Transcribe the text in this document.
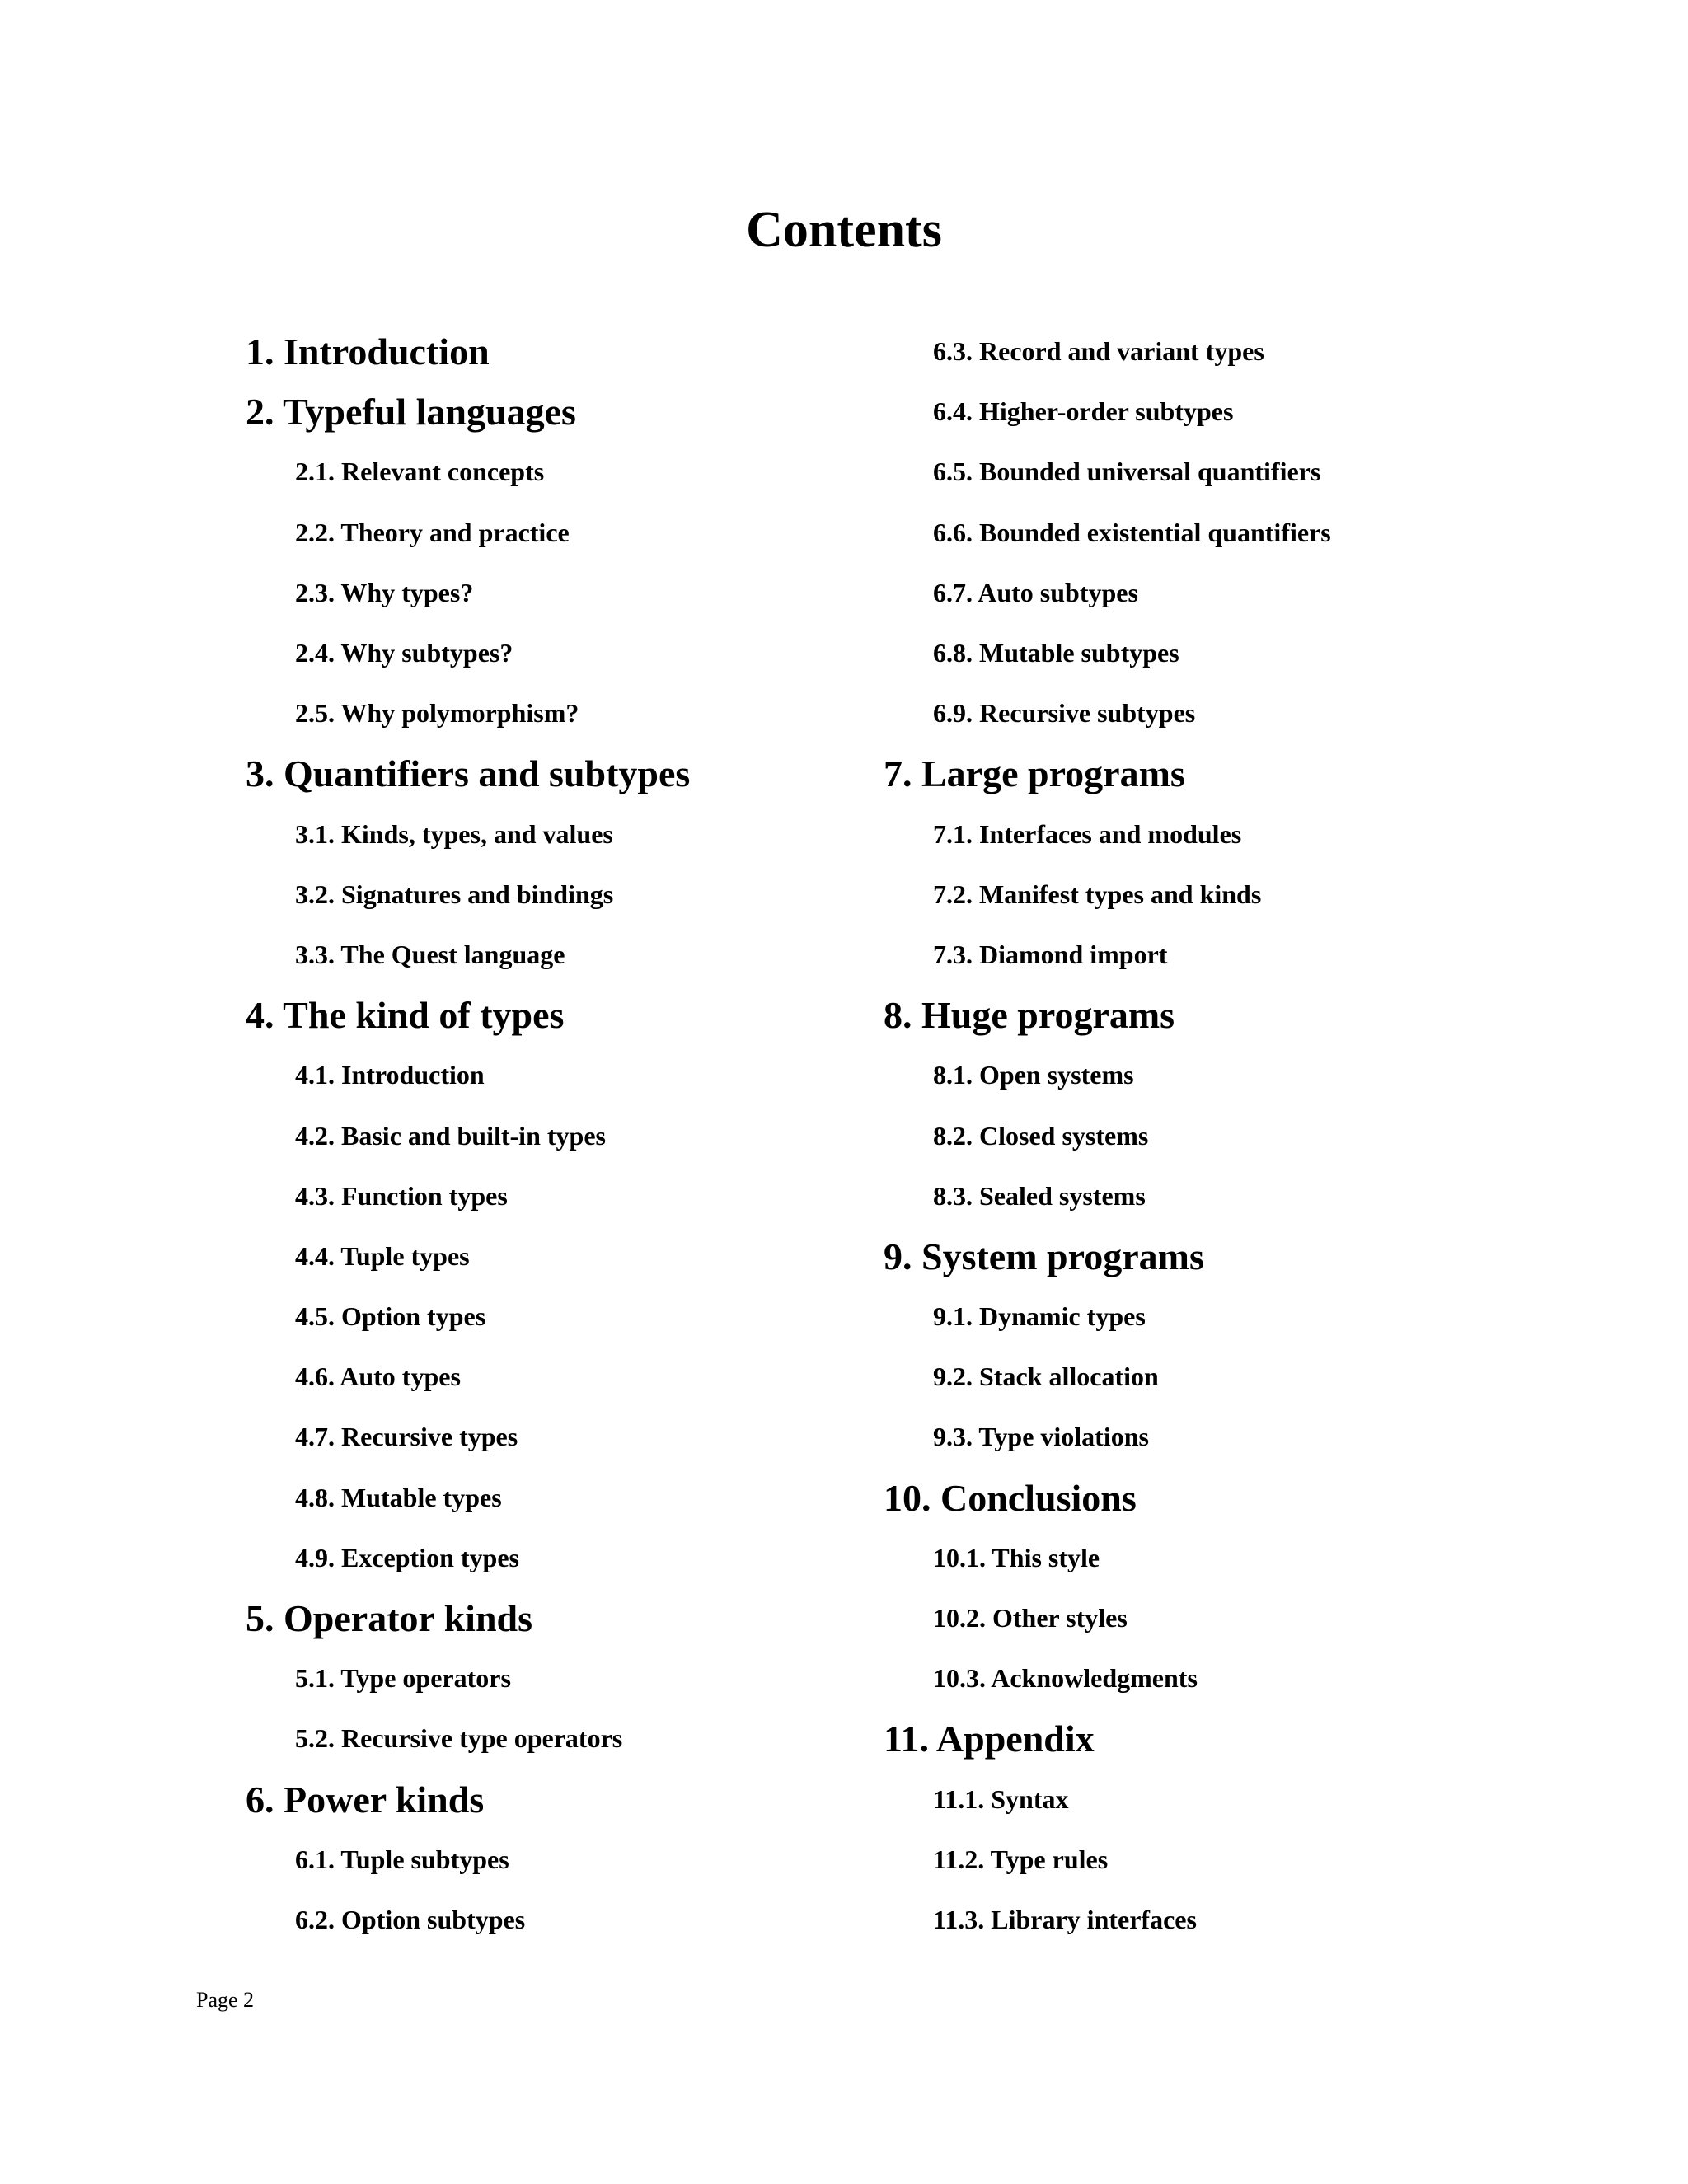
Contents
1. Introduction
2. Typeful languages
2.1. Relevant concepts
2.2. Theory and practice
2.3. Why types?
2.4. Why subtypes?
2.5. Why polymorphism?
3. Quantifiers and subtypes
3.1. Kinds, types, and values
3.2. Signatures and bindings
3.3. The Quest language
4. The kind of types
4.1. Introduction
4.2. Basic and built-in types
4.3. Function types
4.4. Tuple types
4.5. Option types
4.6. Auto types
4.7. Recursive types
4.8. Mutable types
4.9. Exception types
5. Operator kinds
5.1. Type operators
5.2. Recursive type operators
6. Power kinds
6.1. Tuple subtypes
6.2. Option subtypes
6.3. Record and variant types
6.4. Higher-order subtypes
6.5. Bounded universal quantifiers
6.6. Bounded existential quantifiers
6.7. Auto subtypes
6.8. Mutable subtypes
6.9. Recursive subtypes
7. Large programs
7.1. Interfaces and modules
7.2. Manifest types and kinds
7.3. Diamond import
8. Huge programs
8.1. Open systems
8.2. Closed systems
8.3. Sealed systems
9. System programs
9.1. Dynamic types
9.2. Stack allocation
9.3. Type violations
10. Conclusions
10.1. This style
10.2. Other styles
10.3. Acknowledgments
11. Appendix
11.1. Syntax
11.2. Type rules
11.3. Library interfaces
Page 2
